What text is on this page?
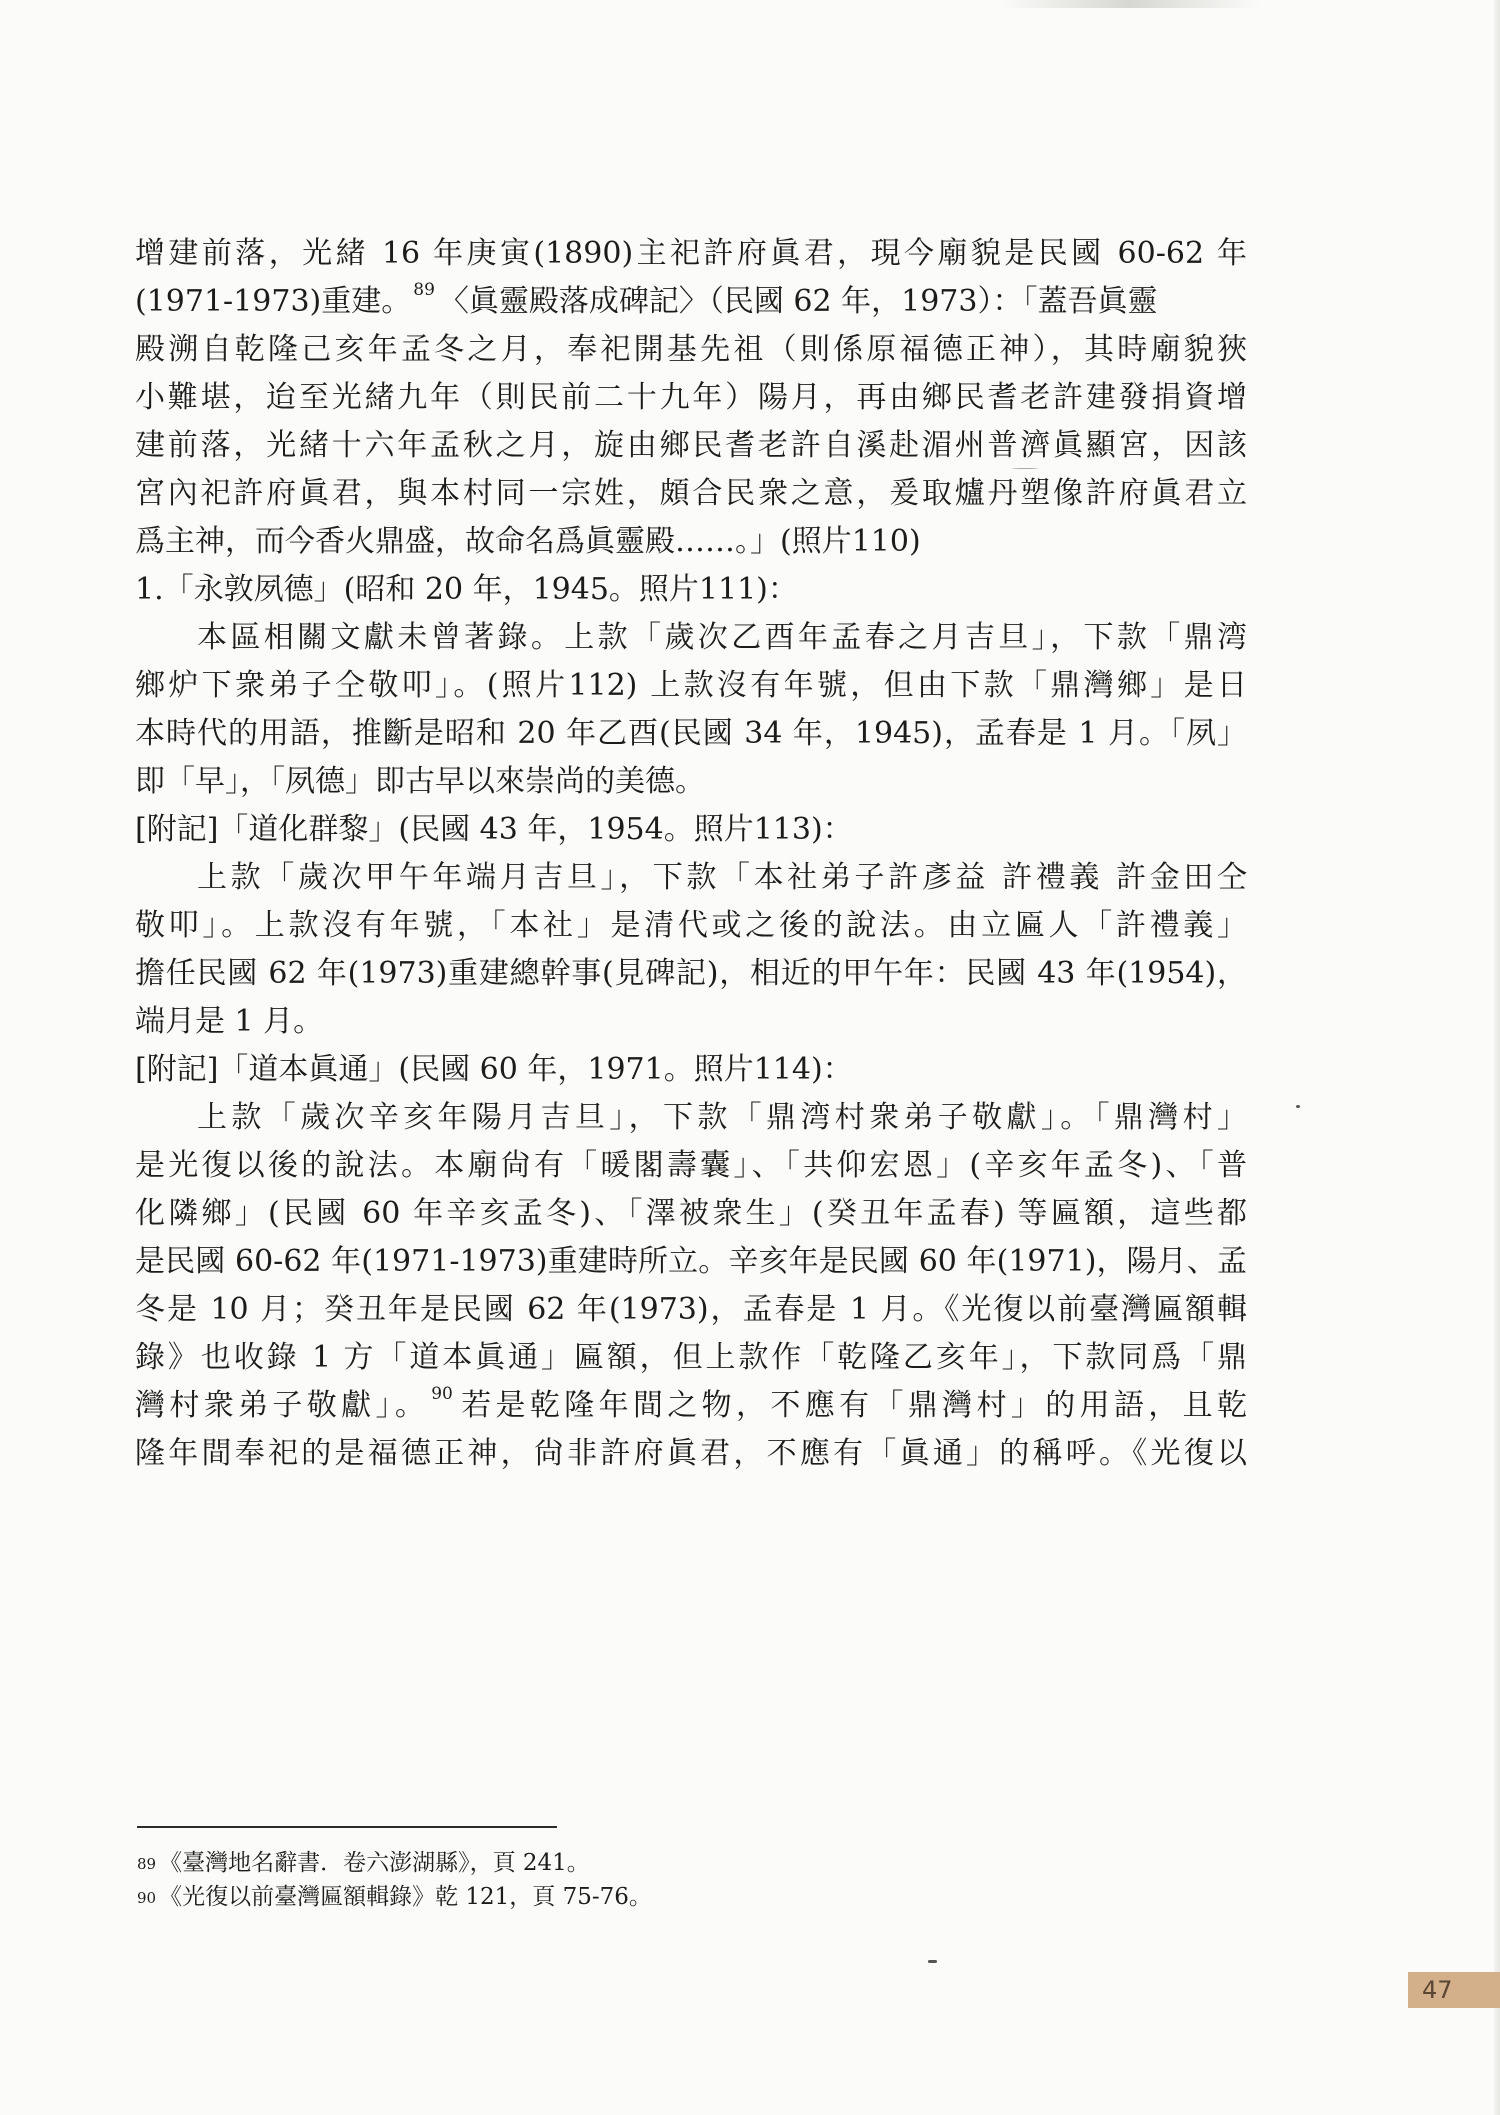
增建前落，光緒 16 年庚寅(1890)主祀許府眞君，現今廟貌是民國 60-62 年
(1971-1973)重建。 $^{89}$ 〈眞靈殿落成碑記〉（民國 62 年，1973）：「蓋吾眞靈
殿溯自乾隆己亥年孟冬之月，奉祀開基先祖（則係原福德正神），其時廟貌狹
小難堪，迨至光緒九年（則民前二十九年）陽月，再由鄉民耆老許建發捐資增
建前落，光緒十六年孟秋之月，旋由鄉民耆老許自溪赴湄州普濟眞顯宮，因該
宮內祀許府眞君，與本村同一宗姓，頗合民衆之意，爰取爐丹塑像許府眞君立
爲主神，而今香火鼎盛，故命名爲眞靈殿……。」(照片110)
1.「永敦夙德」(昭和 20 年，1945。照片111)：
本區相關文獻未曾著錄。上款「歲次乙酉年孟春之月吉旦」，下款「鼎湾
鄉炉下衆弟子仝敬叩」。(照片112) 上款沒有年號，但由下款「鼎灣鄉」是日
本時代的用語，推斷是昭和 20 年乙酉(民國 34 年，1945)，孟春是 1 月。「夙」
即「早」，「夙德」即古早以來崇尚的美德。
[附記]「道化群黎」(民國 43 年，1954。照片113)：
上款「歲次甲午年端月吉旦」，下款「本社弟子許彥益 許禮義 許金田仝
敬叩」。上款沒有年號，「本社」是清代或之後的說法。由立匾人「許禮義」
擔任民國 62 年(1973)重建總幹事(見碑記)，相近的甲午年：民國 43 年(1954)，
端月是 1 月。
[附記]「道本眞通」(民國 60 年，1971。照片114)：
上款「歲次辛亥年陽月吉旦」，下款「鼎湾村衆弟子敬獻」。「鼎灣村」
是光復以後的說法。本廟尙有「暖閣壽囊」、「共仰宏恩」(辛亥年孟冬)、「普
化隣鄉」(民國 60 年辛亥孟冬)、「澤被衆生」(癸丑年孟春) 等匾額，這些都
是民國 60-62 年(1971-1973)重建時所立。辛亥年是民國 60 年(1971)，陽月、孟
冬是 10 月；癸丑年是民國 62 年(1973)，孟春是 1 月。《光復以前臺灣匾額輯
錄》也收錄 1 方「道本眞通」匾額，但上款作「乾隆乙亥年」，下款同爲「鼎
灣村衆弟子敬獻」。 $^{90}$ 若是乾隆年間之物，不應有「鼎灣村」的用語，且乾
隆年間奉祀的是福德正神，尙非許府眞君，不應有「眞通」的稱呼。《光復以
$^{89}$ 《臺灣地名辭書．卷六澎湖縣》，頁 241。
$^{90}$ 《光復以前臺灣匾額輯錄》乾 121，頁 75-76。
47
